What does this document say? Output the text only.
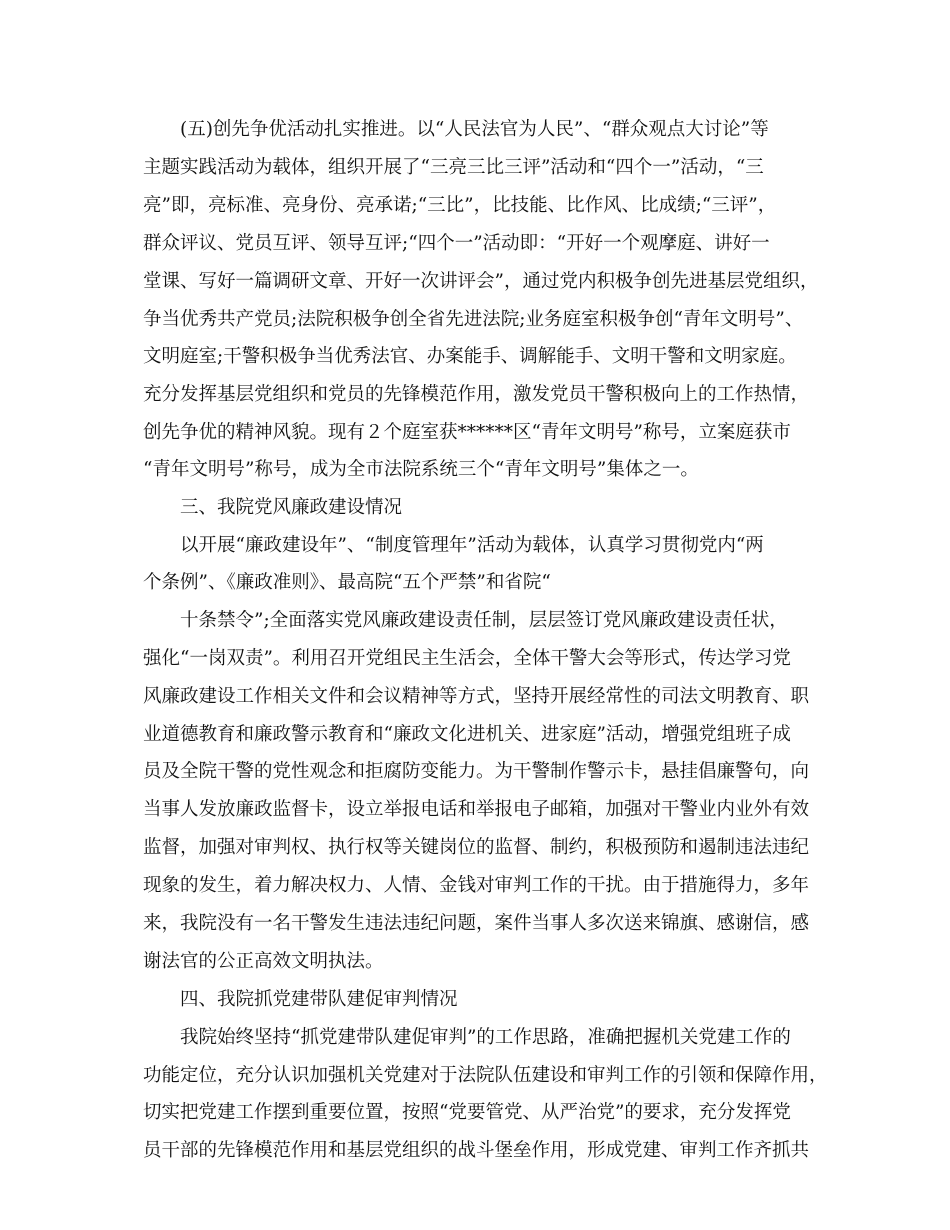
(五)创先争优活动扎实推进。以“人民法官为人民”、“群众观点大讨论”等
主题实践活动为载体，组织开展了“三亮三比三评”活动和“四个一”活动，“三
亮”即，亮标准、亮身份、亮承诺;“三比”，比技能、比作风、比成绩;“三评”，
群众评议、党员互评、领导互评;“四个一”活动即：“开好一个观摩庭、讲好一
堂课、写好一篇调研文章、开好一次讲评会”，通过党内积极争创先进基层党组织，
争当优秀共产党员;法院积极争创全省先进法院;业务庭室积极争创“青年文明号”、
文明庭室;干警积极争当优秀法官、办案能手、调解能手、文明干警和文明家庭。
充分发挥基层党组织和党员的先锋模范作用，激发党员干警积极向上的工作热情，
创先争优的精神风貌。现有２个庭室获******区“青年文明号”称号，立案庭获市
“青年文明号”称号，成为全市法院系统三个“青年文明号”集体之一。
三、我院党风廉政建设情况
以开展“廉政建设年”、“制度管理年”活动为载体，认真学习贯彻党内“两
个条例”、《廉政准则》、最高院“五个严禁”和省院“
十条禁令”;全面落实党风廉政建设责任制，层层签订党风廉政建设责任状，
强化“一岗双责”。利用召开党组民主生活会，全体干警大会等形式，传达学习党
风廉政建设工作相关文件和会议精神等方式，坚持开展经常性的司法文明教育、职
业道德教育和廉政警示教育和“廉政文化进机关、进家庭”活动，增强党组班子成
员及全院干警的党性观念和拒腐防变能力。为干警制作警示卡，悬挂倡廉警句，向
当事人发放廉政监督卡，设立举报电话和举报电子邮箱，加强对干警业内业外有效
监督，加强对审判权、执行权等关键岗位的监督、制约，积极预防和遏制违法违纪
现象的发生，着力解决权力、人情、金钱对审判工作的干扰。由于措施得力，多年
来，我院没有一名干警发生违法违纪问题，案件当事人多次送来锦旗、感谢信，感
谢法官的公正高效文明执法。
四、我院抓党建带队建促审判情况
我院始终坚持“抓党建带队建促审判”的工作思路，准确把握机关党建工作的
功能定位，充分认识加强机关党建对于法院队伍建设和审判工作的引领和保障作用，
切实把党建工作摆到重要位置，按照“党要管党、从严治党”的要求，充分发挥党
员干部的先锋模范作用和基层党组织的战斗堡垒作用，形成党建、审判工作齐抓共
